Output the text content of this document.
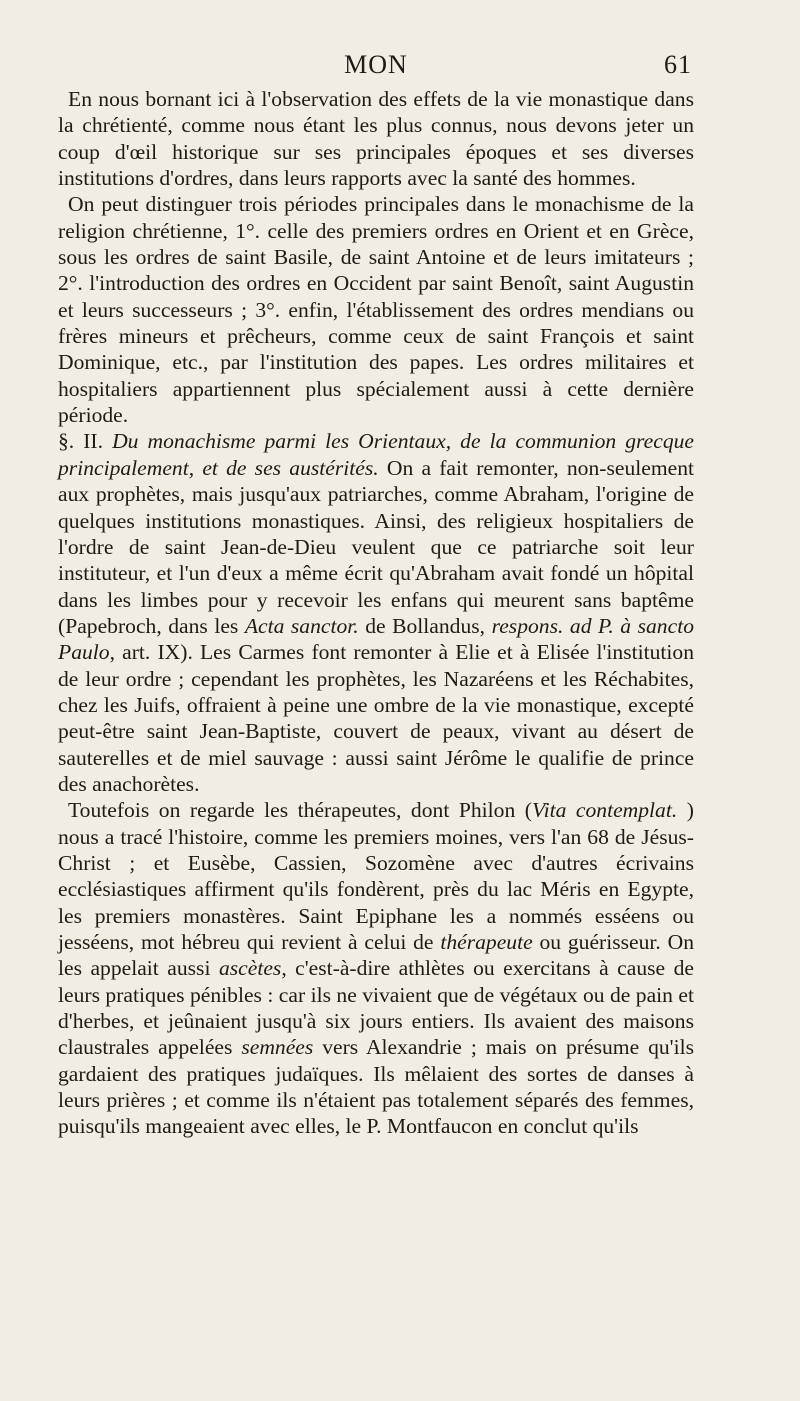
MON	61

En nous bornant ici à l'observation des effets de la vie monastique dans la chrétienté, comme nous étant les plus connus, nous devons jeter un coup d'œil historique sur ses principales époques et ses diverses institutions d'ordres, dans leurs rapports avec la santé des hommes.

On peut distinguer trois périodes principales dans le monachisme de la religion chrétienne, 1°. celle des premiers ordres en Orient et en Grèce, sous les ordres de saint Basile, de saint Antoine et de leurs imitateurs ; 2°. l'introduction des ordres en Occident par saint Benoît, saint Augustin et leurs successeurs ; 3°. enfin, l'établissement des ordres mendians ou frères mineurs et prêcheurs, comme ceux de saint François et saint Dominique, etc., par l'institution des papes. Les ordres militaires et hospitaliers appartiennent plus spécialement aussi à cette dernière période.

§. II. Du monachisme parmi les Orientaux, de la communion grecque principalement, et de ses austérités. On a fait remonter, non-seulement aux prophètes, mais jusqu'aux patriarches, comme Abraham, l'origine de quelques institutions monastiques. Ainsi, des religieux hospitaliers de l'ordre de saint Jean-de-Dieu veulent que ce patriarche soit leur instituteur, et l'un d'eux a même écrit qu'Abraham avait fondé un hôpital dans les limbes pour y recevoir les enfans qui meurent sans baptême (Papebroch, dans les Acta sanctor. de Bollandus, respons. ad P. à sancto Paulo, art. IX). Les Carmes font remonter à Elie et à Elisée l'institution de leur ordre ; cependant les prophètes, les Nazaréens et les Réchabites, chez les Juifs, offraient à peine une ombre de la vie monastique, excepté peut-être saint Jean-Baptiste, couvert de peaux, vivant au désert de sauterelles et de miel sauvage : aussi saint Jérôme le qualifie de prince des anachorètes.

Toutefois on regarde les thérapeutes, dont Philon (Vita contemplat. ) nous a tracé l'histoire, comme les premiers moines, vers l'an 68 de Jésus-Christ ; et Eusèbe, Cassien, Sozomène avec d'autres écrivains ecclésiastiques affirment qu'ils fondèrent, près du lac Méris en Egypte, les premiers monastères. Saint Epiphane les a nommés esséens ou jesséens, mot hébreu qui revient à celui de thérapeute ou guérisseur. On les appelait aussi ascètes, c'est-à-dire athlètes ou exercitans à cause de leurs pratiques pénibles : car ils ne vivaient que de végétaux ou de pain et d'herbes, et jeûnaient jusqu'à six jours entiers. Ils avaient des maisons claustrales appelées semnées vers Alexandrie ; mais on présume qu'ils gardaient des pratiques judaïques. Ils mêlaient des sortes de danses à leurs prières ; et comme ils n'étaient pas totalement séparés des femmes, puisqu'ils mangeaient avec elles, le P. Montfaucon en conclut qu'ils
